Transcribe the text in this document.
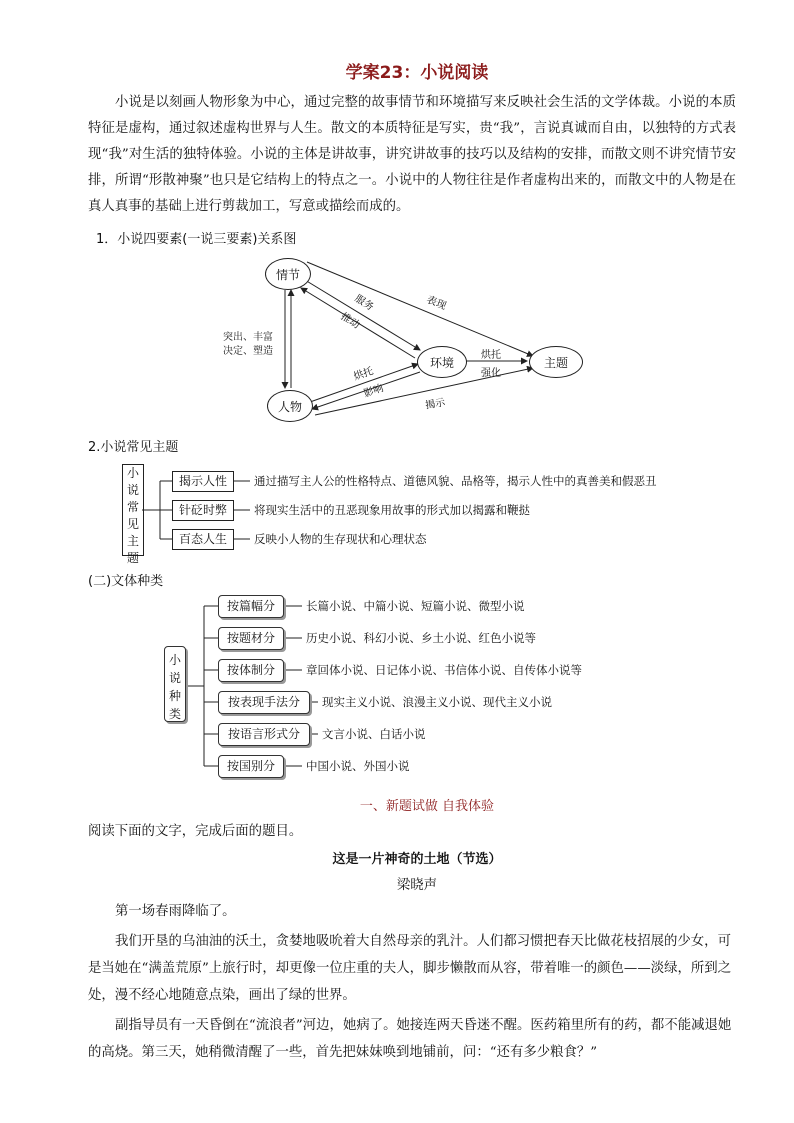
学案23：小说阅读

小说是以刻画人物形象为中心，通过完整的故事情节和环境描写来反映社会生活的文学体裁。小说的本质特征是虚构，通过叙述虚构世界与人生。散文的本质特征是写实，贵“我”，言说真诚而自由，以独特的方式表现“我”对生活的独特体验。小说的主体是讲故事，讲究讲故事的技巧以及结构的安排，而散文则不讲究情节安排，所谓“形散神聚”也只是它结构上的特点之一。小说中的人物往往是作者虚构出来的，而散文中的人物是在真人真事的基础上进行剪裁加工，写意或描绘而成的。

1．小说四要素(一说三要素)关系图
情节
人物
环境	主题
突出、丰富
决定、塑造
表现
服务
推动
烘托
影响
烘托
强化
揭示
2.小说常见主题
小说常见主题
揭示人性
针砭时弊
百态人生
通过描写主人公的性格特点、道德风貌、品格等，揭示人性中的真善美和假恶丑
将现实生活中的丑恶现象用故事的形式加以揭露和鞭挞
反映小人物的生存现状和心理状态
(二)文体种类
小说种类
按篇幅分
按题材分
按体制分
按表现手法分
按语言形式分
按国别分
长篇小说、中篇小说、短篇小说、微型小说
历史小说、科幻小说、乡土小说、红色小说等
章回体小说、日记体小说、书信体小说、自传体小说等
现实主义小说、浪漫主义小说、现代主义小说
文言小说、白话小说
中国小说、外国小说
一、新题试做 自我体验
阅读下面的文字，完成后面的题目。
这是一片神奇的土地（节选）
梁晓声

第一场春雨降临了。

我们开垦的乌油油的沃土，贪婪地吸吮着大自然母亲的乳汁。人们都习惯把春天比做花枝招展的少女，可是当她在“满盖荒原”上旅行时，却更像一位庄重的夫人，脚步懒散而从容，带着唯一的颜色——淡绿，所到之处，漫不经心地随意点染，画出了绿的世界。

副指导员有一天昏倒在“流浪者”河边，她病了。她接连两天昏迷不醒。医药箱里所有的药，都不能减退她的高烧。第三天，她稍微清醒了一些，首先把妹妹唤到地铺前，问：“还有多少粮食？”
